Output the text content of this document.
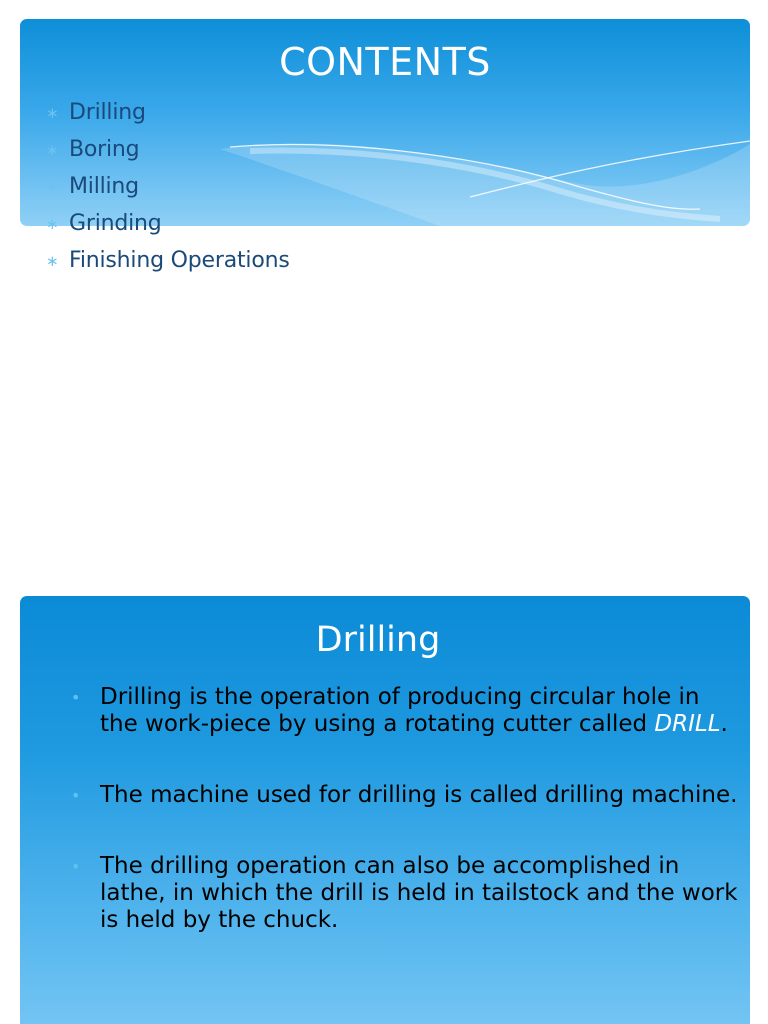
CONTENTS
∗ Drilling
∗ Boring
∗ Milling
∗ Grinding
∗ Finishing Operations
Drilling
• Drilling is the operation of producing circular hole in the work-piece by using a rotating cutter called DRILL.
• The machine used for drilling is called drilling machine.
• The drilling operation can also be accomplished in lathe, in which the drill is held in tailstock and the work is held by the chuck.
